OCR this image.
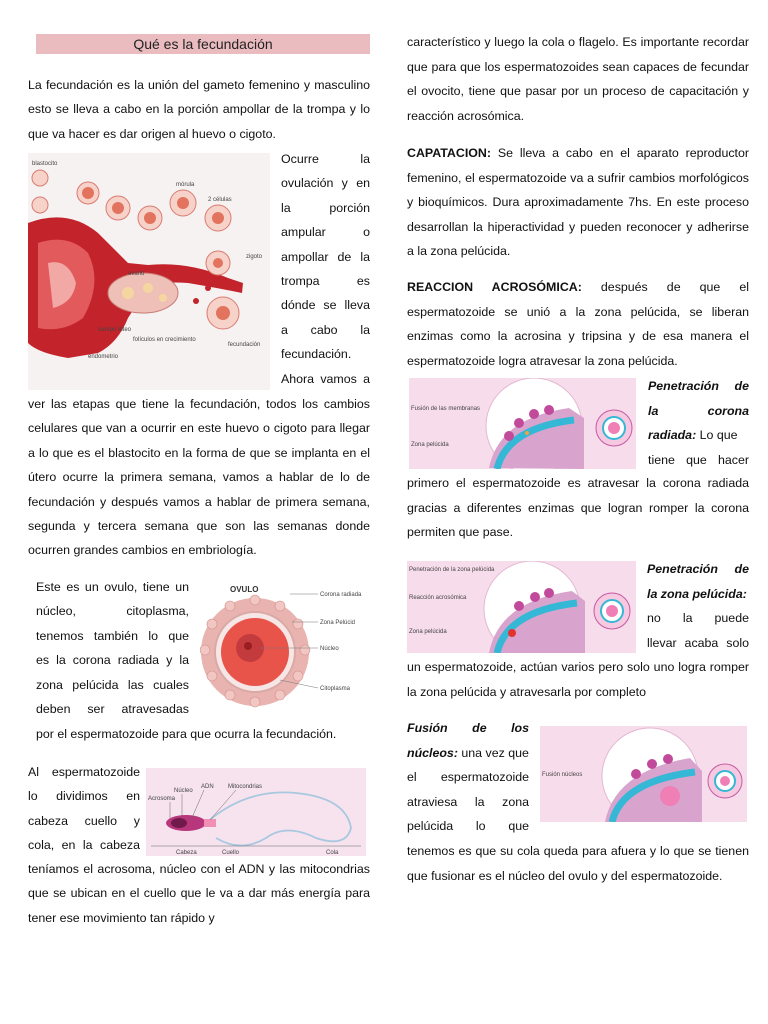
Qué es la fecundación

La fecundación es la unión del gameto femenino y masculino esto se lleva a cabo en la porción ampollar de la trompa y lo que va hacer es dar origen al huevo o cigoto.

blastocito
mórula
2 células
zigoto
ovario
cuerpo lúteo
folículos en crecimiento
endometrio
fecundación
Ocurre la
ovulación y en
la porción
ampular o
ampollar de la
trompa es
dónde se lleva
a cabo la
fecundación.
Ahora vamos a

ver las etapas que tiene la fecundación, todos los cambios celulares que van a ocurrir en este huevo o cigoto para llegar a lo que es el blastocito en la forma de que se implanta en el útero ocurre la primera semana, vamos a hablar de lo de fecundación y después vamos a hablar de primera semana, segunda y tercera semana que son las semanas donde ocurren grandes cambios en embriología.

Este es un ovulo, tiene un
núcleo, citoplasma,
tenemos también lo que
es la corona radiada y la
zona pelúcida las cuales
deben ser atravesadas
OVULO
Corona radiada
Zona Pelúcid
Núcleo
Citoplasma
por el espermatozoide para que ocurra la fecundación.
Al espermatozoide
lo dividimos en
cabeza cuello y
cola, en la cabeza
Núcleo
ADN Mitocondrias
Acrosoma
Cabeza	Cuello	Cola

teníamos el acrosoma, núcleo con el ADN y las mitocondrias que se ubican en el cuello que le va a dar más energía para tener ese movimiento tan rápido y

característico y luego la cola o flagelo. Es importante recordar que para que los espermatozoides sean capaces de fecundar el ovocito, tiene que pasar por un proceso de capacitación y reacción acrosómica.

CAPATACION: Se lleva a cabo en el aparato reproductor femenino, el espermatozoide va a sufrir cambios morfológicos y bioquímicos. Dura aproximadamente 7hs. En este proceso desarrollan la hiperactividad y pueden reconocer y adherirse a la zona pelúcida.

REACCION ACROSÓMICA: después de que el espermatozoide se unió a la zona pelúcida, se liberan enzimas como la acrosina y tripsina y de esa manera el espermatozoide logra atravesar la zona pelúcida.

Fusión de las membranas
Zona pelúcida
Penetración de
la corona
radiada: Lo que
tiene que hacer

primero el espermatozoide es atravesar la corona radiada gracias a diferentes enzimas que logran romper la corona permiten que pase.

Penetración de la zona pelúcida
Reacción acrosómica
Zona pelúcida
Penetración de
la zona pelúcida:
no la puede
llevar acaba solo

un espermatozoide, actúan varios pero solo uno logra romper la zona pelúcida y atravesarla por completo

Fusión de los
núcleos: una vez que
el espermatozoide
atraviesa la zona
pelúcida lo que
Fusión núcleos

tenemos es que su cola queda para afuera y lo que se tienen que fusionar es el núcleo del ovulo y del espermatozoide.
